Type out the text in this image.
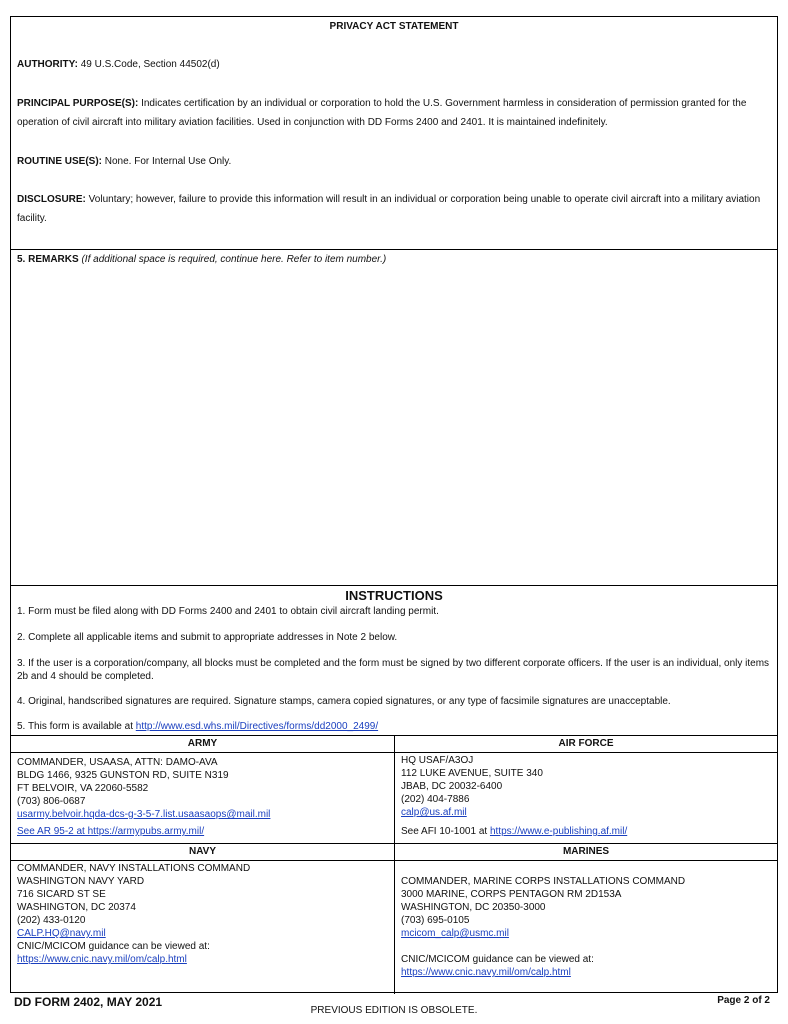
PRIVACY ACT STATEMENT
AUTHORITY: 49 U.S.Code, Section 44502(d)
PRINCIPAL PURPOSE(S): Indicates certification by an individual or corporation to hold the U.S. Government harmless in consideration of permission granted for the operation of civil aircraft into military aviation facilities. Used in conjunction with DD Forms 2400 and 2401. It is maintained indefinitely.
ROUTINE USE(S): None. For Internal Use Only.
DISCLOSURE: Voluntary; however, failure to provide this information will result in an individual or corporation being unable to operate civil aircraft into a military aviation facility.
5. REMARKS (If additional space is required, continue here. Refer to item number.)
INSTRUCTIONS
1. Form must be filed along with DD Forms 2400 and 2401 to obtain civil aircraft landing permit.
2. Complete all applicable items and submit to appropriate addresses in Note 2 below.
3. If the user is a corporation/company, all blocks must be completed and the form must be signed by two different corporate officers. If the user is an individual, only items 2b and 4 should be completed.
4. Original, handscribed signatures are required. Signature stamps, camera copied signatures, or any type of facsimile signatures are unacceptable.
5. This form is available at http://www.esd.whs.mil/Directives/forms/dd2000_2499/
ARMY	AIR FORCE
COMMANDER, USAASA, ATTN: DAMO-AVA
BLDG 1466, 9325 GUNSTON RD, SUITE N319
FT BELVOIR, VA 22060-5582
(703) 806-0687
usarmy.belvoir.hqda-dcs-g-3-5-7.list.usaasaops@mail.mil
See AR 95-2 at https://armypubs.army.mil/
HQ USAF/A3OJ
112 LUKE AVENUE, SUITE 340
JBAB, DC 20032-6400
(202) 404-7886
calp@us.af.mil
See AFI 10-1001 at https://www.e-publishing.af.mil/
NAVY	MARINES
COMMANDER, NAVY INSTALLATIONS COMMAND
WASHINGTON NAVY YARD
716 SICARD ST SE
WASHINGTON, DC 20374
(202) 433-0120
CALP.HQ@navy.mil
CNIC/MCICOM guidance can be viewed at:
https://www.cnic.navy.mil/om/calp.html
COMMANDER, MARINE CORPS INSTALLATIONS COMMAND
3000 MARINE, CORPS PENTAGON RM 2D153A
WASHINGTON, DC 20350-3000
(703) 695-0105
mcicom_calp@usmc.mil
CNIC/MCICOM guidance can be viewed at:
https://www.cnic.navy.mil/om/calp.html
DD FORM 2402, MAY 2021
PREVIOUS EDITION IS OBSOLETE.
Page 2 of 2
